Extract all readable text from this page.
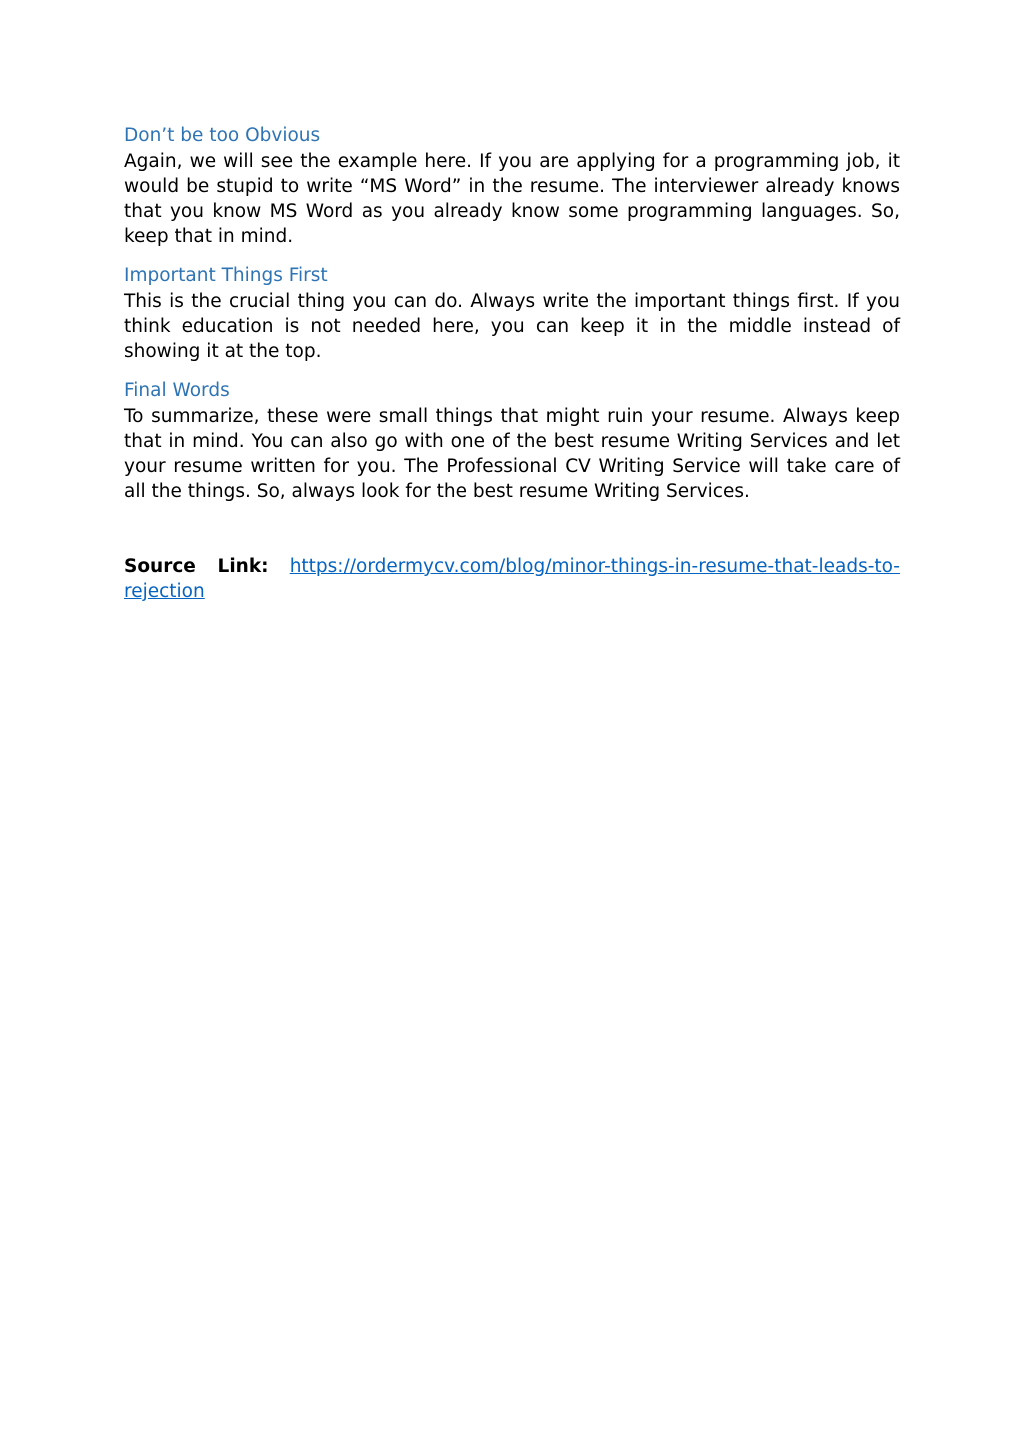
Don’t be too Obvious

Again, we will see the example here. If you are applying for a programming job, it would be stupid to write “MS Word” in the resume. The interviewer already knows that you know MS Word as you already know some programming languages. So, keep that in mind.

Important Things First

This is the crucial thing you can do. Always write the important things first. If you think education is not needed here, you can keep it in the middle instead of showing it at the top.

Final Words

To summarize, these were small things that might ruin your resume. Always keep that in mind. You can also go with one of the best resume Writing Services and let your resume written for you. The Professional CV Writing Service will take care of all the things. So, always look for the best resume Writing Services.

Source Link: https://ordermycv.com/blog/minor-things-in-resume-that-leads-to-rejection
